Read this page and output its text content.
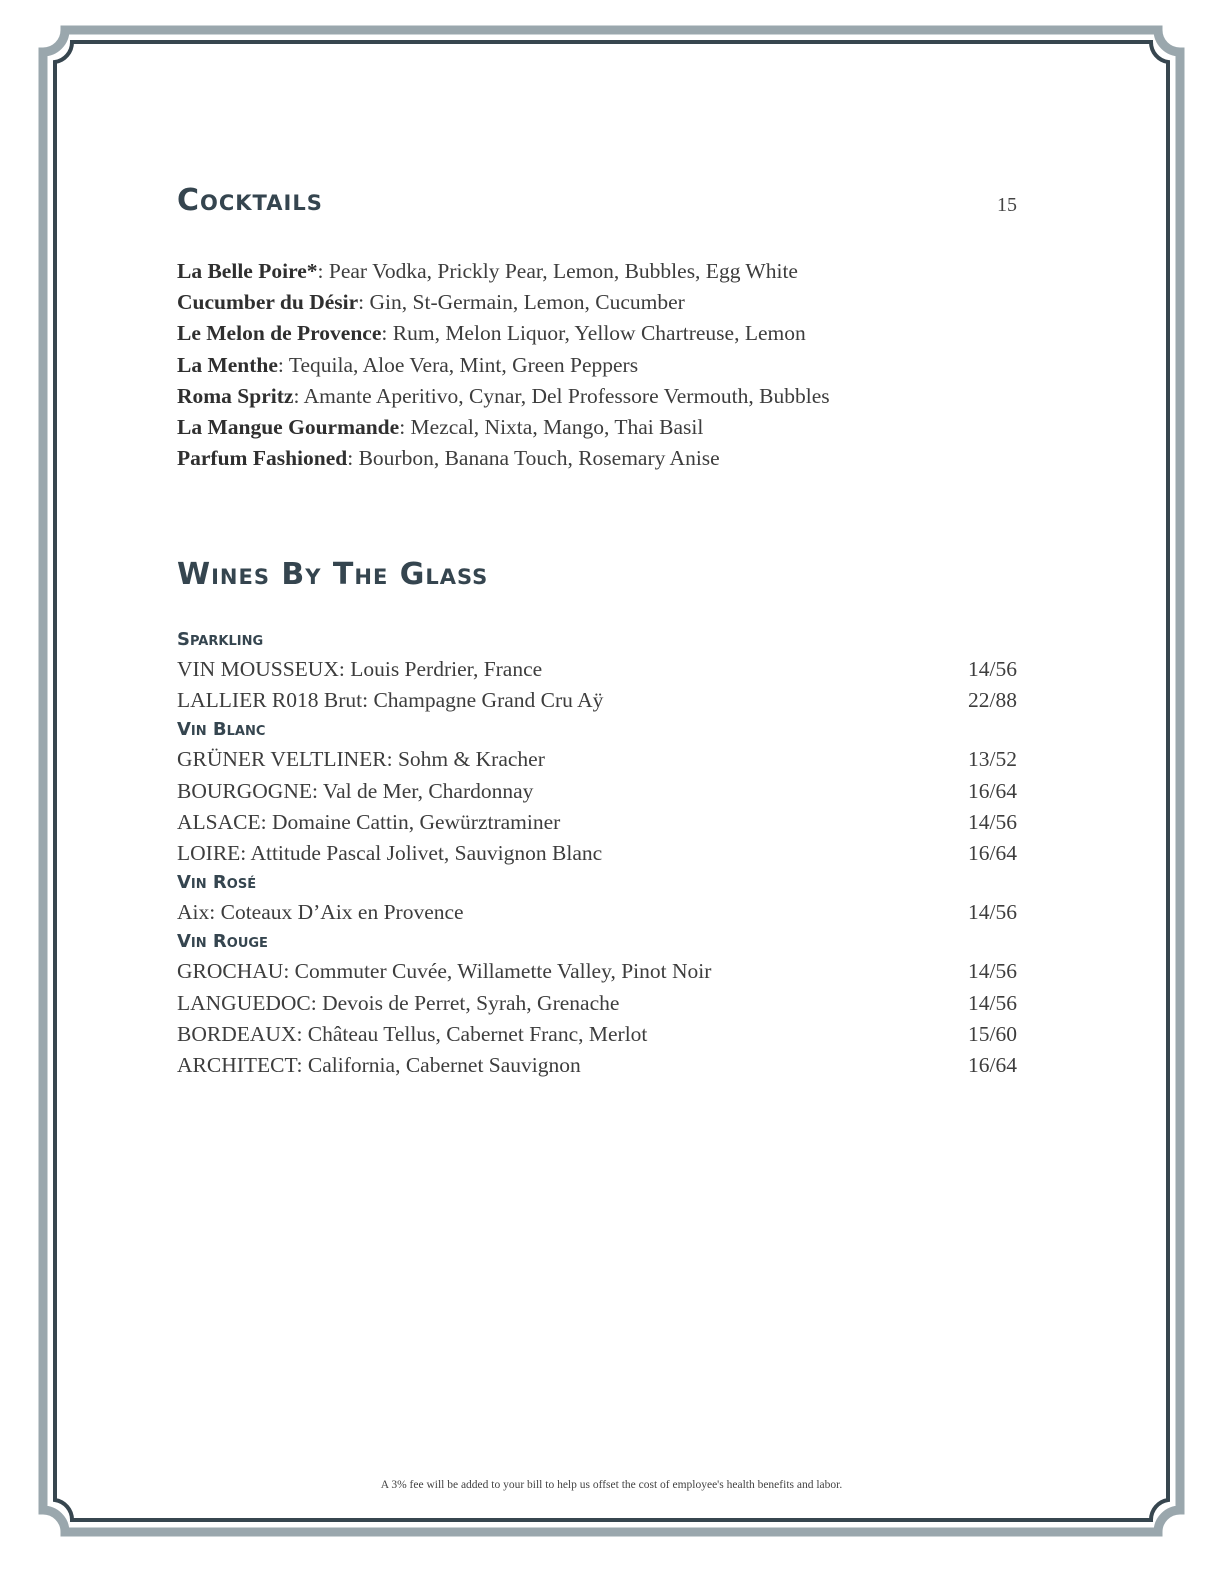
Cocktails	15
La Belle Poire*: Pear Vodka, Prickly Pear, Lemon, Bubbles, Egg White
Cucumber du Désir: Gin, St-Germain, Lemon, Cucumber
Le Melon de Provence: Rum, Melon Liquor, Yellow Chartreuse, Lemon
La Menthe: Tequila, Aloe Vera, Mint, Green Peppers
Roma Spritz: Amante Aperitivo, Cynar, Del Professore Vermouth, Bubbles
La Mangue Gourmande: Mezcal, Nixta, Mango, Thai Basil
Parfum Fashioned: Bourbon, Banana Touch, Rosemary Anise
Wines By The Glass
Sparkling
VIN MOUSSEUX: Louis Perdrier, France	14/56
LALLIER R018 Brut: Champagne Grand Cru Aÿ	22/88
Vin Blanc
GRÜNER VELTLINER: Sohm & Kracher	13/52
BOURGOGNE: Val de Mer, Chardonnay	16/64
ALSACE: Domaine Cattin, Gewürztraminer	14/56
LOIRE: Attitude Pascal Jolivet, Sauvignon Blanc	16/64
Vin Rosé
Aix: Coteaux D’Aix en Provence	14/56
Vin Rouge
GROCHAU: Commuter Cuvée, Willamette Valley, Pinot Noir	14/56
LANGUEDOC: Devois de Perret, Syrah, Grenache	14/56
BORDEAUX: Château Tellus, Cabernet Franc, Merlot	15/60
ARCHITECT: California, Cabernet Sauvignon	16/64
A 3% fee will be added to your bill to help us offset the cost of employee's health benefits and labor.
